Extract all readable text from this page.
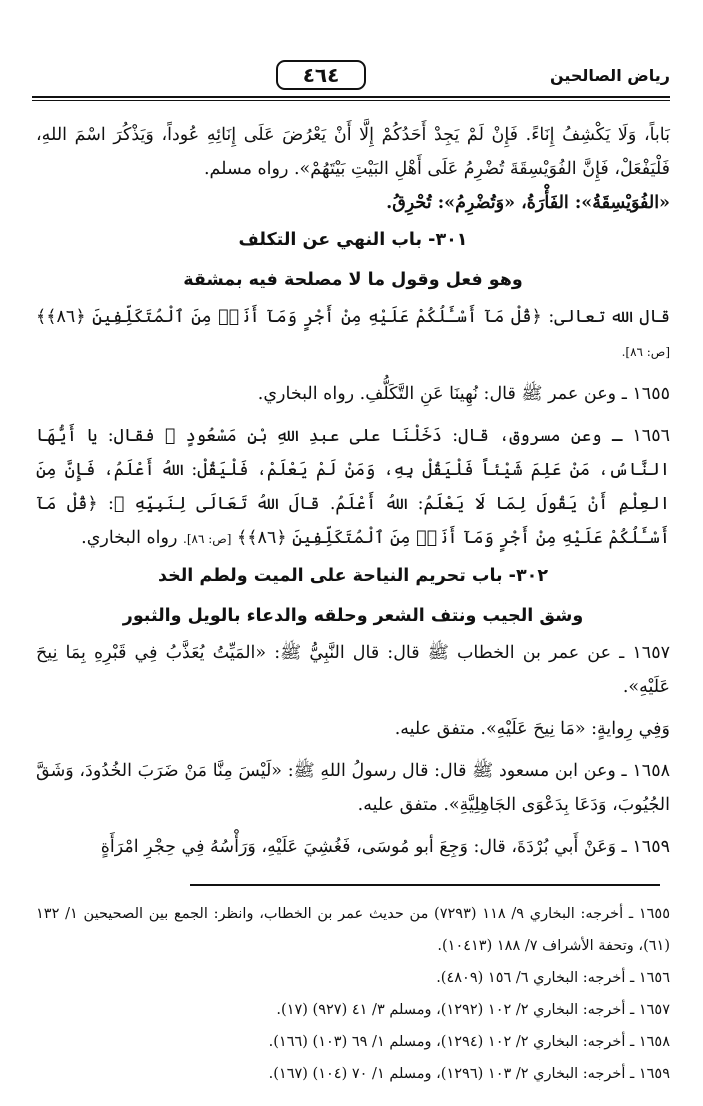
رياض الصالحين
٤٦٤

بَاباً، وَلَا يَكْشِفُ إِنَاءً. فَإِنْ لَمْ يَجِدْ أَحَدُكُمْ إِلَّا أَنْ يَعْرُضَ عَلَى إِنَائِهِ عُوداً، وَيَذْكُرَ اسْمَ اللهِ، فَلْيَفْعَلْ، فَإِنَّ الفُوَيْسِقَةَ تُضْرِمُ عَلَى أَهْلِ البَيْتِ بَيْتَهُمْ». رواه مسلم.

«الفُوَيْسِقَةُ»: الفَأْرَةُ، «وَتُضْرِمُ»: تُحْرِقُ.

٣٠١- باب النهي عن التكلف

وهو فعل وقول ما لا مصلحة فيه بمشقة

قال الله تعالى: ﴿قُلْ مَآ أَسْـَٔلُكُمْ عَلَيْهِ مِنْ أَجْرٍ وَمَآ أَنَا۠ مِنَ ٱلْمُتَكَلِّفِينَ ﴿٨٦﴾﴾ [ص: ٨٦].

١٦٥٥ ـ وعن عمر ﷺ قال: نُهِينَا عَنِ التَّكَلُّفِ. رواه البخاري.

١٦٥٦ ـ وعن مسروق، قال: دَخَلْنَا على عبدِ اللهِ بْنِ مَسْعُودٍ ﷺ فقال: يا أَيُّهَا النَّاسُ، مَنْ عَلِمَ شَيْئاً فَلْيَقُلْ بِهِ، وَمَنْ لَمْ يَعْلَمْ، فَلْيَقُلْ: اللهُ أَعْلَمُ، فَإِنَّ مِنَ العِلْمِ أَنْ يَقُولَ لِمَا لَا يَعْلَمُ: اللهُ أَعْلَمُ. قالَ اللهُ تَعَالَى لِنَبِيِّهِ ﷺ: ﴿قُلْ مَآ أَسْـَٔلُكُمْ عَلَيْهِ مِنْ أَجْرٍ وَمَآ أَنَا۠ مِنَ ٱلْمُتَكَلِّفِينَ ﴿٨٦﴾﴾ [ص: ٨٦]. رواه البخاري.

٣٠٢- باب تحريم النياحة على الميت ولطم الخد

وشق الجيب ونتف الشعر وحلقه والدعاء بالويل والثبور

١٦٥٧ ـ عن عمر بن الخطاب ﷺ قال: قال النَّبِيُّ ﷺ: «المَيِّتُ يُعَذَّبُ فِي قَبْرِهِ بِمَا نِيحَ عَلَيْهِ».

وَفِي رِوايةٍ: «مَا نِيحَ عَلَيْهِ». متفق عليه.

١٦٥٨ ـ وعن ابن مسعود ﷺ قال: قال رسولُ اللهِ ﷺ: «لَيْسَ مِنَّا مَنْ ضَرَبَ الخُدُودَ، وَشَقَّ الجُيُوبَ، وَدَعَا بِدَعْوَى الجَاهِلِيَّةِ». متفق عليه.

١٦٥٩ ـ وَعَنْ أَبي بُرْدَةَ، قال: وَجِعَ أبو مُوسَى، فَغُشِيَ عَلَيْهِ، وَرَأْسُهُ فِي حِجْرِ امْرَأَةٍ

١٦٥٥ ـ أخرجه: البخاري ٩/ ١١٨ (٧٢٩٣) من حديث عمر بن الخطاب، وانظر: الجمع بين الصحيحين ١/ ١٣٢ (٦١)، وتحفة الأشراف ٧/ ١٨٨ (١٠٤١٣).

١٦٥٦ ـ أخرجه: البخاري ٦/ ١٥٦ (٤٨٠٩).

١٦٥٧ ـ أخرجه: البخاري ٢/ ١٠٢ (١٢٩٢)، ومسلم ٣/ ٤١ (٩٢٧) (١٧).

١٦٥٨ ـ أخرجه: البخاري ٢/ ١٠٢ (١٢٩٤)، ومسلم ١/ ٦٩ (١٠٣) (١٦٦).

١٦٥٩ ـ أخرجه: البخاري ٢/ ١٠٣ (١٢٩٦)، ومسلم ١/ ٧٠ (١٠٤) (١٦٧).
